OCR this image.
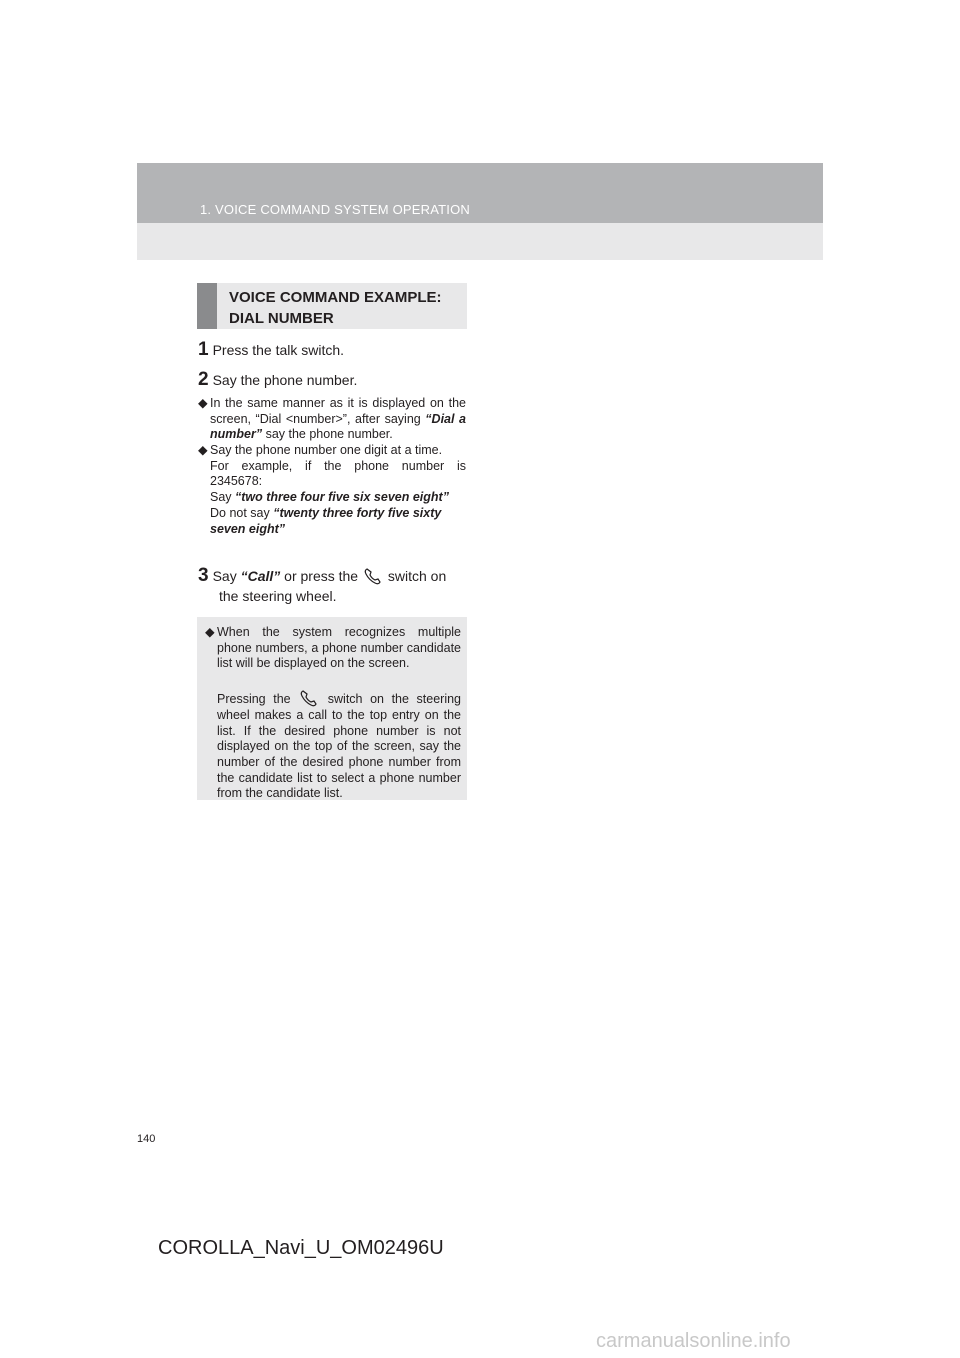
1. VOICE COMMAND SYSTEM OPERATION
VOICE COMMAND EXAMPLE:
DIAL NUMBER
1 Press the talk switch.
2 Say the phone number.
◆ In the same manner as it is displayed on the screen, “Dial <number>”, after saying “Dial a number” say the phone number.
◆ Say the phone number one digit at a time.

For example, if the phone number is
2345678:
Say “two three four five six seven eight”
Do not say “twenty three forty five sixty seven eight”
3 Say “Call” or press the  switch on
the steering wheel.
◆ When the system recognizes multiple phone numbers, a phone number candidate list will be displayed on the screen.

Pressing the  switch on the steering wheel makes a call to the top entry on the list. If the desired phone number is not displayed on the top of the screen, say the number of the desired phone number from the candidate list to select a phone number from the candidate list.
140
COROLLA_Navi_U_OM02496U
carmanualsonline.info
